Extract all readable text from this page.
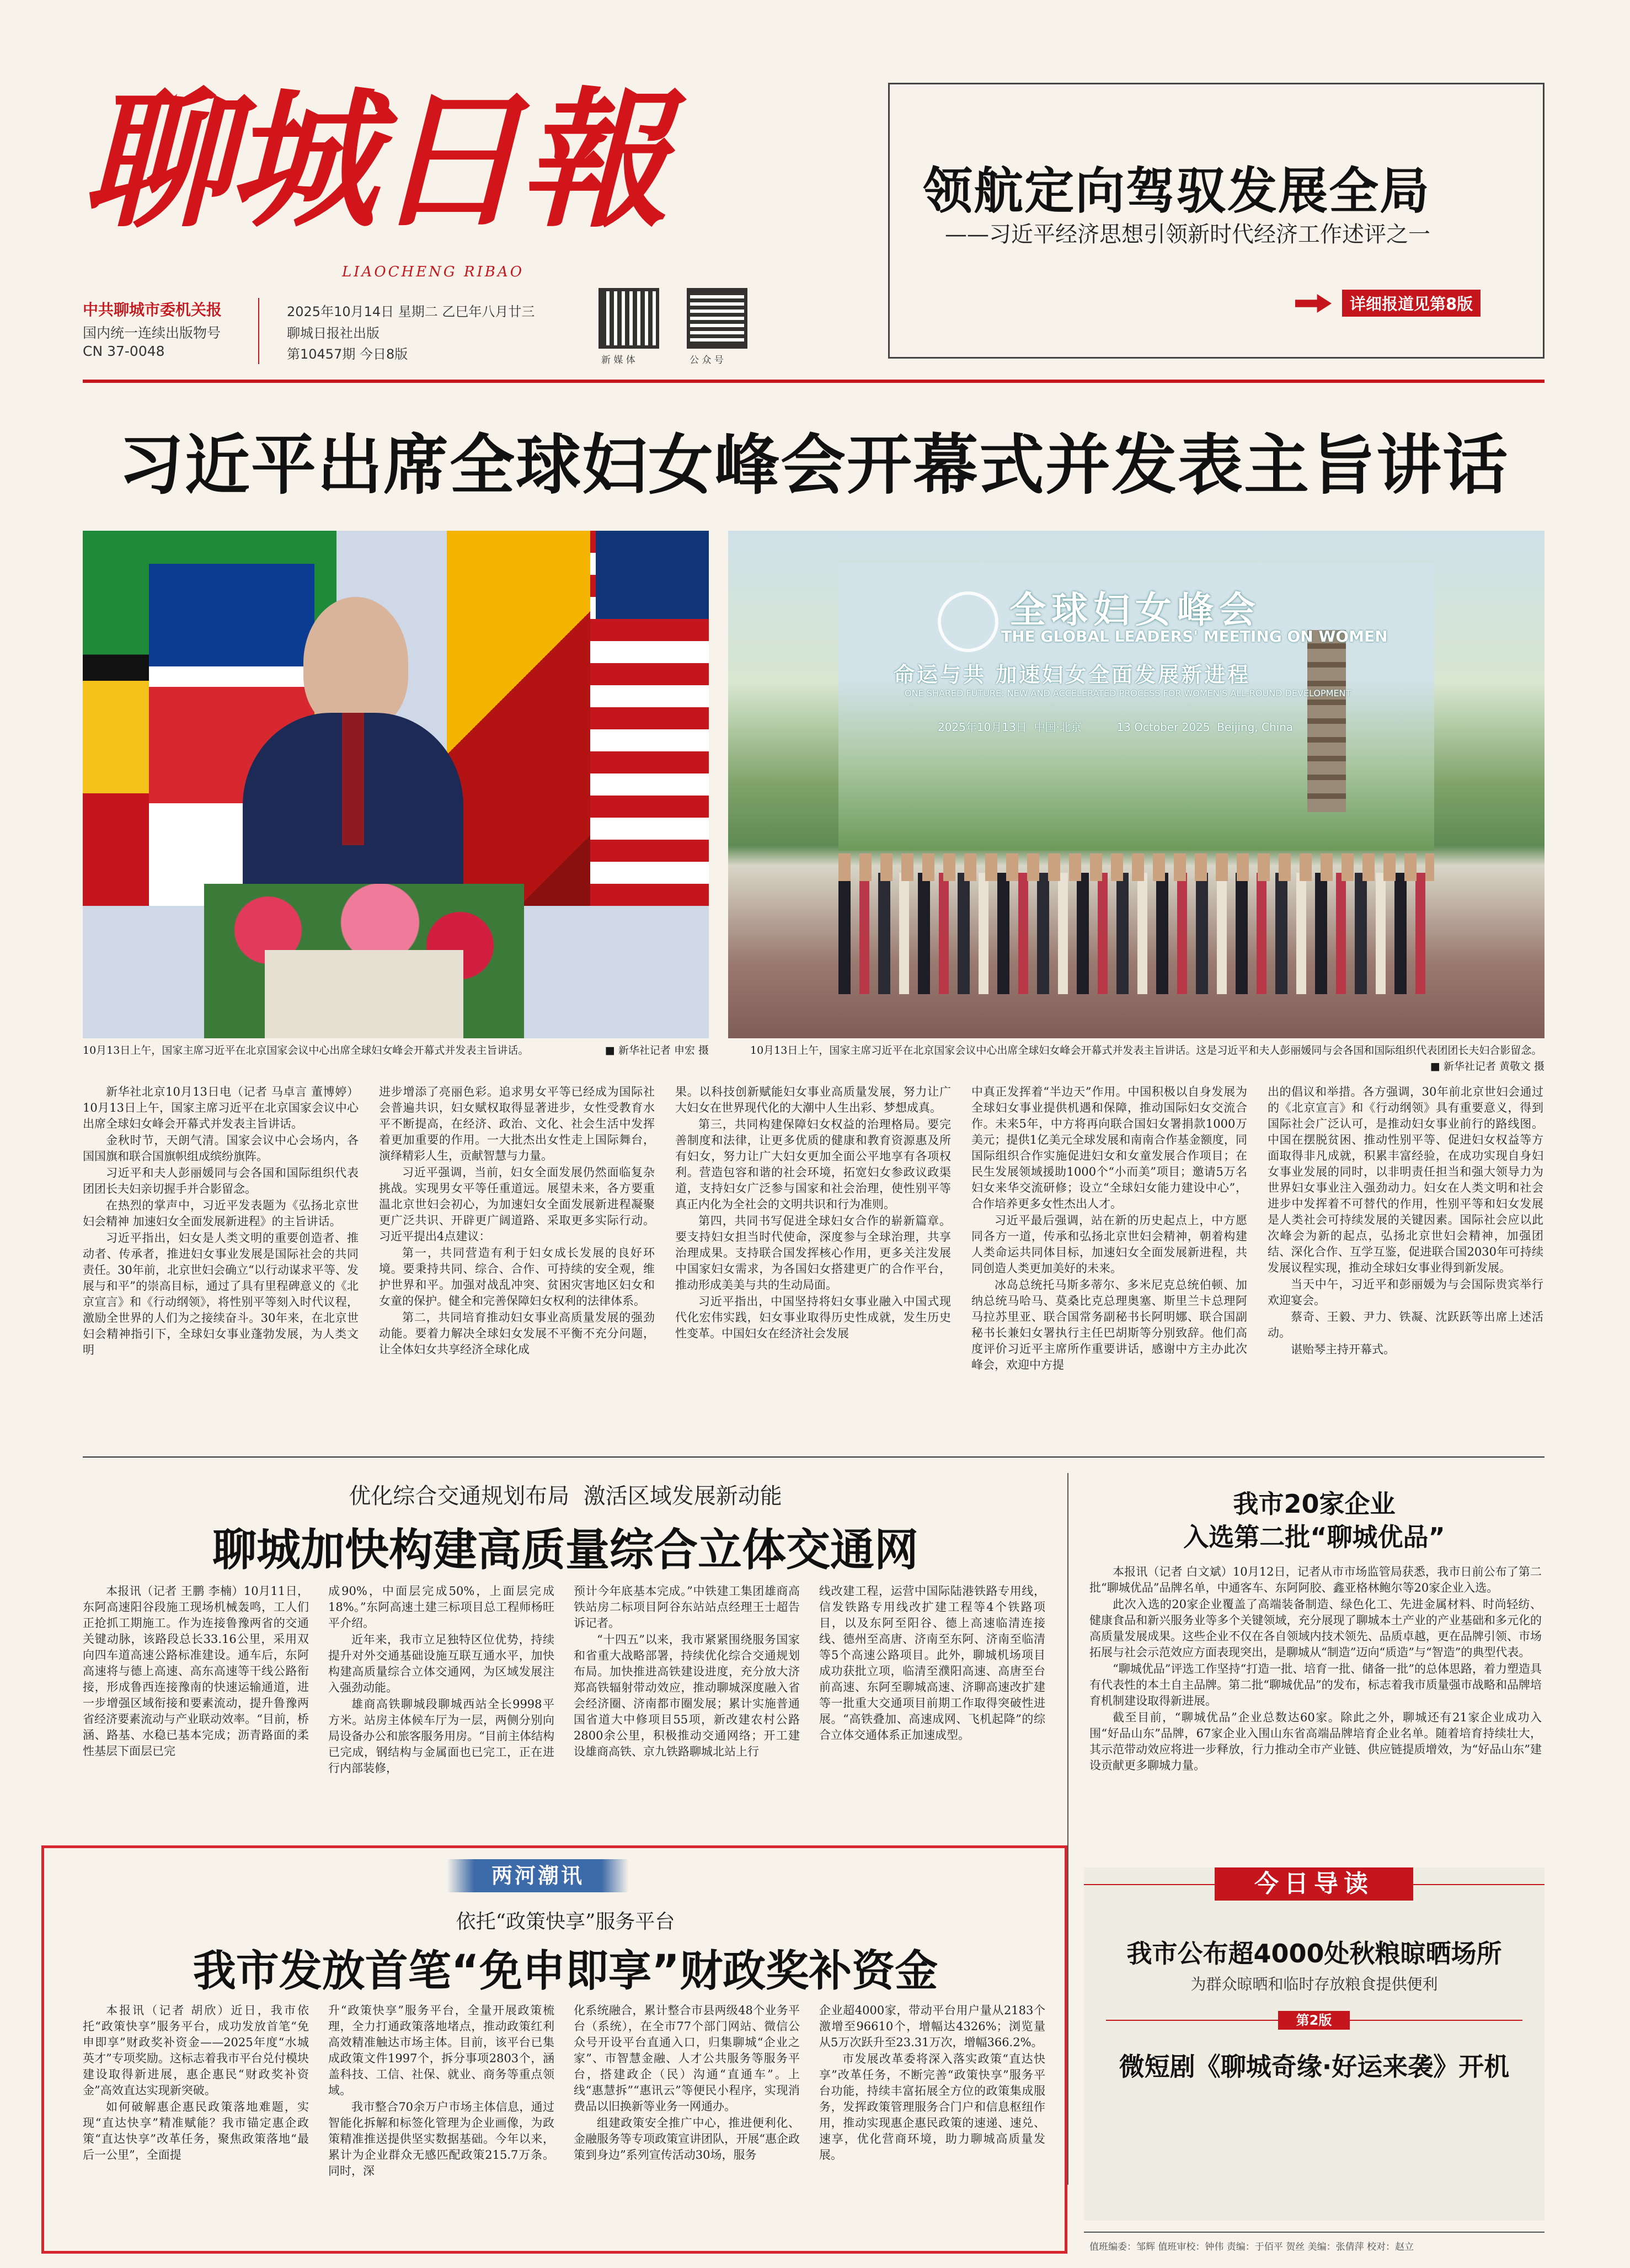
聊城日報
LIAOCHENG RIBAO
中共聊城市委机关报
国内统一连续出版物号
CN 37-0048
2025年10月14日 星期二 乙巳年八月廿三
聊城日报社出版
第10457期 今日8版	新 媒 体	公 众 号
领航定向驾驭发展全局
——习近平经济思想引领新时代经济工作述评之一
详细报道见第8版
习近平出席全球妇女峰会开幕式并发表主旨讲话
10月13日上午，国家主席习近平在北京国家会议中心出席全球妇女峰会开幕式并发表主旨讲话。	■ 新华社记者 申宏 摄
全球妇女峰会
THE GLOBAL LEADERS' MEETING ON WOMEN
命运与共 加速妇女全面发展新进程
ONE SHARED FUTURE: NEW AND ACCELERATED PROCESS FOR WOMEN'S ALL-ROUND DEVELOPMENT
2025年10月13日  中国·北京          13 October 2025  Beijing, China
10月13日上午，国家主席习近平在北京国家会议中心出席全球妇女峰会开幕式并发表主旨讲话。这是习近平和夫人彭丽媛同与会各国和国际组织代表团团长夫妇合影留念。
■ 新华社记者 黄敬文 摄

新华社北京10月13日电（记者 马卓言 董博婷）10月13日上午，国家主席习近平在北京国家会议中心出席全球妇女峰会开幕式并发表主旨讲话。

金秋时节，天朗气清。国家会议中心会场内，各国国旗和联合国旗帜组成缤纷旗阵。

习近平和夫人彭丽媛同与会各国和国际组织代表团团长夫妇亲切握手并合影留念。

在热烈的掌声中，习近平发表题为《弘扬北京世妇会精神 加速妇女全面发展新进程》的主旨讲话。

习近平指出，妇女是人类文明的重要创造者、推动者、传承者，推进妇女事业发展是国际社会的共同责任。30年前，北京世妇会确立“以行动谋求平等、发展与和平”的崇高目标，通过了具有里程碑意义的《北京宣言》和《行动纲领》，将性别平等刻入时代议程，激励全世界的人们为之接续奋斗。30年来，在北京世妇会精神指引下，全球妇女事业蓬勃发展，为人类文明

进步增添了亮丽色彩。追求男女平等已经成为国际社会普遍共识，妇女赋权取得显著进步，女性受教育水平不断提高，在经济、政治、文化、社会生活中发挥着更加重要的作用。一大批杰出女性走上国际舞台，演绎精彩人生，贡献智慧与力量。

习近平强调，当前，妇女全面发展仍然面临复杂挑战。实现男女平等任重道远。展望未来，各方要重温北京世妇会初心，为加速妇女全面发展新进程凝聚更广泛共识、开辟更广阔道路、采取更多实际行动。习近平提出4点建议：

第一，共同营造有利于妇女成长发展的良好环境。要秉持共同、综合、合作、可持续的安全观，维护世界和平。加强对战乱冲突、贫困灾害地区妇女和女童的保护。健全和完善保障妇女权利的法律体系。

第二，共同培育推动妇女事业高质量发展的强劲动能。要着力解决全球妇女发展不平衡不充分问题，让全体妇女共享经济全球化成

果。以科技创新赋能妇女事业高质量发展，努力让广大妇女在世界现代化的大潮中人生出彩、梦想成真。

第三，共同构建保障妇女权益的治理格局。要完善制度和法律，让更多优质的健康和教育资源惠及所有妇女，努力让广大妇女更加全面公平地享有各项权利。营造包容和谐的社会环境，拓宽妇女参政议政渠道，支持妇女广泛参与国家和社会治理，使性别平等真正内化为全社会的文明共识和行为准则。

第四，共同书写促进全球妇女合作的崭新篇章。要支持妇女担当时代使命，深度参与全球治理，共享治理成果。支持联合国发挥核心作用，更多关注发展中国家妇女需求，为各国妇女搭建更广的合作平台，推动形成美美与共的生动局面。

习近平指出，中国坚持将妇女事业融入中国式现代化宏伟实践，妇女事业取得历史性成就，发生历史性变革。中国妇女在经济社会发展

中真正发挥着“半边天”作用。中国积极以自身发展为全球妇女事业提供机遇和保障，推动国际妇女交流合作。未来5年，中方将再向联合国妇女署捐款1000万美元；提供1亿美元全球发展和南南合作基金额度，同国际组织合作实施促进妇女和女童发展合作项目；在民生发展领域援助1000个“小而美”项目；邀请5万名妇女来华交流研修；设立“全球妇女能力建设中心”，合作培养更多女性杰出人才。

习近平最后强调，站在新的历史起点上，中方愿同各方一道，传承和弘扬北京世妇会精神，朝着构建人类命运共同体目标，加速妇女全面发展新进程，共同创造人类更加美好的未来。

冰岛总统托马斯多蒂尔、多米尼克总统伯顿、加纳总统马哈马、莫桑比克总理奥塞、斯里兰卡总理阿马拉苏里亚、联合国常务副秘书长阿明娜、联合国副秘书长兼妇女署执行主任巴胡斯等分别致辞。他们高度评价习近平主席所作重要讲话，感谢中方主办此次峰会，欢迎中方提

出的倡议和举措。各方强调，30年前北京世妇会通过的《北京宣言》和《行动纲领》具有重要意义，得到国际社会广泛认可，是推动妇女事业前行的路线图。中国在摆脱贫困、推动性别平等、促进妇女权益等方面取得非凡成就，积累丰富经验，在成功实现自身妇女事业发展的同时，以非明责任担当和强大领导力为世界妇女事业注入强劲动力。妇女在人类文明和社会进步中发挥着不可替代的作用，性别平等和妇女发展是人类社会可持续发展的关键因素。国际社会应以此次峰会为新的起点，弘扬北京世妇会精神，加强团结、深化合作、互学互鉴，促进联合国2030年可持续发展议程实现，推动全球妇女事业得到新发展。

当天中午，习近平和彭丽媛为与会国际贵宾举行欢迎宴会。

蔡奇、王毅、尹力、铁凝、沈跃跃等出席上述活动。

谌贻琴主持开幕式。

优化综合交通规划布局  激活区域发展新动能
聊城加快构建高质量综合立体交通网

本报讯（记者 王鹏 李楠）10月11日，东阿高速阳谷段施工现场机械轰鸣，工人们正抢抓工期施工。作为连接鲁豫两省的交通关键动脉，该路段总长33.16公里，采用双向四车道高速公路标准建设。通车后，东阿高速将与德上高速、高东高速等干线公路衔接，形成鲁西连接豫南的快速运输通道，进一步增强区域衔接和要素流动，提升鲁豫两省经济要素流动与产业联动效率。“目前，桥涵、路基、水稳已基本完成；沥青路面的柔性基层下面层已完

成90%，中面层完成50%，上面层完成18%。”东阿高速土建三标项目总工程师杨旺平介绍。

近年来，我市立足独特区位优势，持续提升对外交通基础设施互联互通水平，加快构建高质量综合立体交通网，为区域发展注入强劲动能。

雄商高铁聊城段聊城西站全长9998平方米。站房主体候车厅为一层，两侧分别向局设备办公和旅客服务用房。“目前主体结构已完成，钢结构与金属面也已完工，正在进行内部装修，

预计今年底基本完成。”中铁建工集团雄商高铁站房二标项目阿谷东站站点经理王士超告诉记者。

“十四五”以来，我市紧紧围绕服务国家和省重大战略部署，持续优化综合交通规划布局。加快推进高铁建设进度，充分放大济郑高铁辐射带动效应，推动聊城深度融入省会经济圈、济南都市圈发展；累计实施普通国省道大中修项目55项，新改建农村公路2800余公里，积极推动交通网络；开工建设雄商高铁、京九铁路聊城北站上行

线改建工程，运营中国际陆港铁路专用线，信发铁路专用线改扩建工程等4个铁路项目，以及东阿至阳谷、德上高速临清连接线、德州至高唐、济南至东阿、济南至临清等5个高速公路项目。此外，聊城机场项目成功获批立项，临清至濮阳高速、高唐至台前高速、东阿至聊城高速、济聊高速改扩建等一批重大交通项目前期工作取得突破性进展。“高铁叠加、高速成网、飞机起降”的综合立体交通体系正加速成型。

我市20家企业
入选第二批“聊城优品”

本报讯（记者 白文斌）10月12日，记者从市市场监管局获悉，我市日前公布了第二批“聊城优品”品牌名单，中通客车、东阿阿胶、鑫亚格林鲍尔等20家企业入选。

此次入选的20家企业覆盖了高端装备制造、绿色化工、先进金属材料、时尚轻纺、健康食品和新兴服务业等多个关键领域，充分展现了聊城本土产业的产业基础和多元化的高质量发展成果。这些企业不仅在各自领域内技术领先、品质卓越，更在品牌引领、市场拓展与社会示范效应方面表现突出，是聊城从“制造”迈向“质造”与“智造”的典型代表。

“聊城优品”评选工作坚持“打造一批、培育一批、储备一批”的总体思路，着力塑造具有代表性的本土自主品牌。第二批“聊城优品”的发布，标志着我市质量强市战略和品牌培育机制建设取得新进展。

截至目前，“聊城优品”企业总数达60家。除此之外，聊城还有21家企业成功入围“好品山东”品牌，67家企业入围山东省高端品牌培育企业名单。随着培育持续壮大，其示范带动效应将进一步释放，行力推动全市产业链、供应链提质增效，为“好品山东”建设贡献更多聊城力量。

两河潮讯
依托“政策快享”服务平台
我市发放首笔“免申即享”财政奖补资金

本报讯（记者 胡欣）近日，我市依托“政策快享”服务平台，成功发放首笔“免申即享”财政奖补资金——2025年度“水城英才”专项奖励。这标志着我市平台兑付模块建设取得新进展，惠企惠民“财政奖补资金”高效直达实现新突破。

如何破解惠企惠民政策落地难题，实现“直达快享”精准赋能？我市锚定惠企政策“直达快享”改革任务，聚焦政策落地“最后一公里”，全面提

升“政策快享”服务平台，全量开展政策梳理，全力打通政策落地堵点，推动政策红利高效精准触达市场主体。目前，该平台已集成政策文件1997个，拆分事项2803个，涵盖科技、工信、社保、就业、商务等重点领域。

我市整合70余万户市场主体信息，通过智能化拆解和标签化管理为企业画像，为政策精准推送提供坚实数据基础。今年以来，累计为企业群众无感匹配政策215.7万条。同时，深

化系统融合，累计整合市县两级48个业务平台（系统），在全市77个部门网站、微信公众号开设平台直通入口，归集聊城“企业之家”、市智慧金融、人才公共服务等服务平台，搭建政企（民）沟通“直通车”。上线“惠慧拆”“惠讯云”等便民小程序，实现消费品以旧换新等业务一网通办。

组建政策安全推广中心，推进便利化、金融服务等专项政策宣讲团队，开展“惠企政策到身边”系列宣传活动30场，服务

企业超4000家，带动平台用户量从2183个激增至96610个，增幅达4326%；浏览量从5万次跃升至23.31万次，增幅366.2%。

市发展改革委将深入落实政策“直达快享”改革任务，不断完善“政策快享”服务平台功能，持续丰富拓展全方位的政策集成服务，发挥政策管理服务合门户和信息枢纽作用，推动实现惠企惠民政策的速递、速兑、速享，优化营商环境，助力聊城高质量发展。

今日导读
我市公布超4000处秋粮晾晒场所
为群众晾晒和临时存放粮食提供便利
第2版
微短剧《聊城奇缘·好运来袭》开机
值班编委：邹辉 值班审校：钟伟 责编：于佰平 贺丝 美编：张倩萍 校对：赵立
